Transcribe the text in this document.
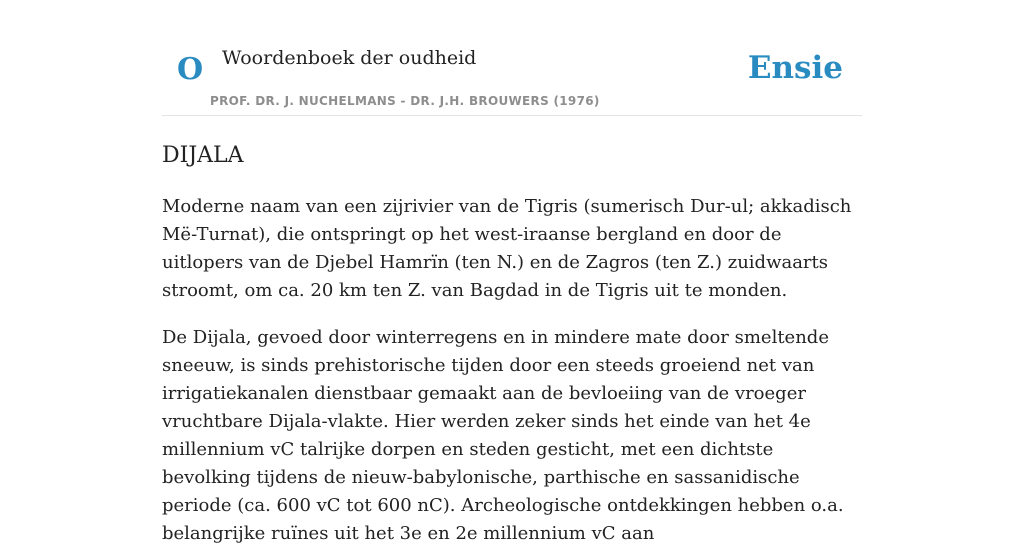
O Woordenboek der oudheid
PROF. DR. J. NUCHELMANS - DR. J.H. BROUWERS (1976)
Ensie
DIJALA

Moderne naam van een zijrivier van de Tigris (sumerisch Dur-ul; akkadisch Më-Turnat), die ontspringt op het west-iraanse bergland en door de uitlopers van de Djebel Hamrïn (ten N.) en de Zagros (ten Z.) zuidwaarts stroomt, om ca. 20 km ten Z. van Bagdad in de Tigris uit te monden.

De Dijala, gevoed door winterregens en in mindere mate door smeltende sneeuw, is sinds prehistorische tijden door een steeds groeiend net van irrigatiekanalen dienstbaar gemaakt aan de bevloeiing van de vroeger vruchtbare Dijala-vlakte. Hier werden zeker sinds het einde van het 4e millennium vC talrijke dorpen en steden gesticht, met een dichtste bevolking tijdens de nieuw-babylonische, parthische en sassanidische periode (ca. 600 vC tot 600 nC). Archeologische ontdekkingen hebben o.a. belangrijke ruïnes uit het 3e en 2e millennium vC aan
